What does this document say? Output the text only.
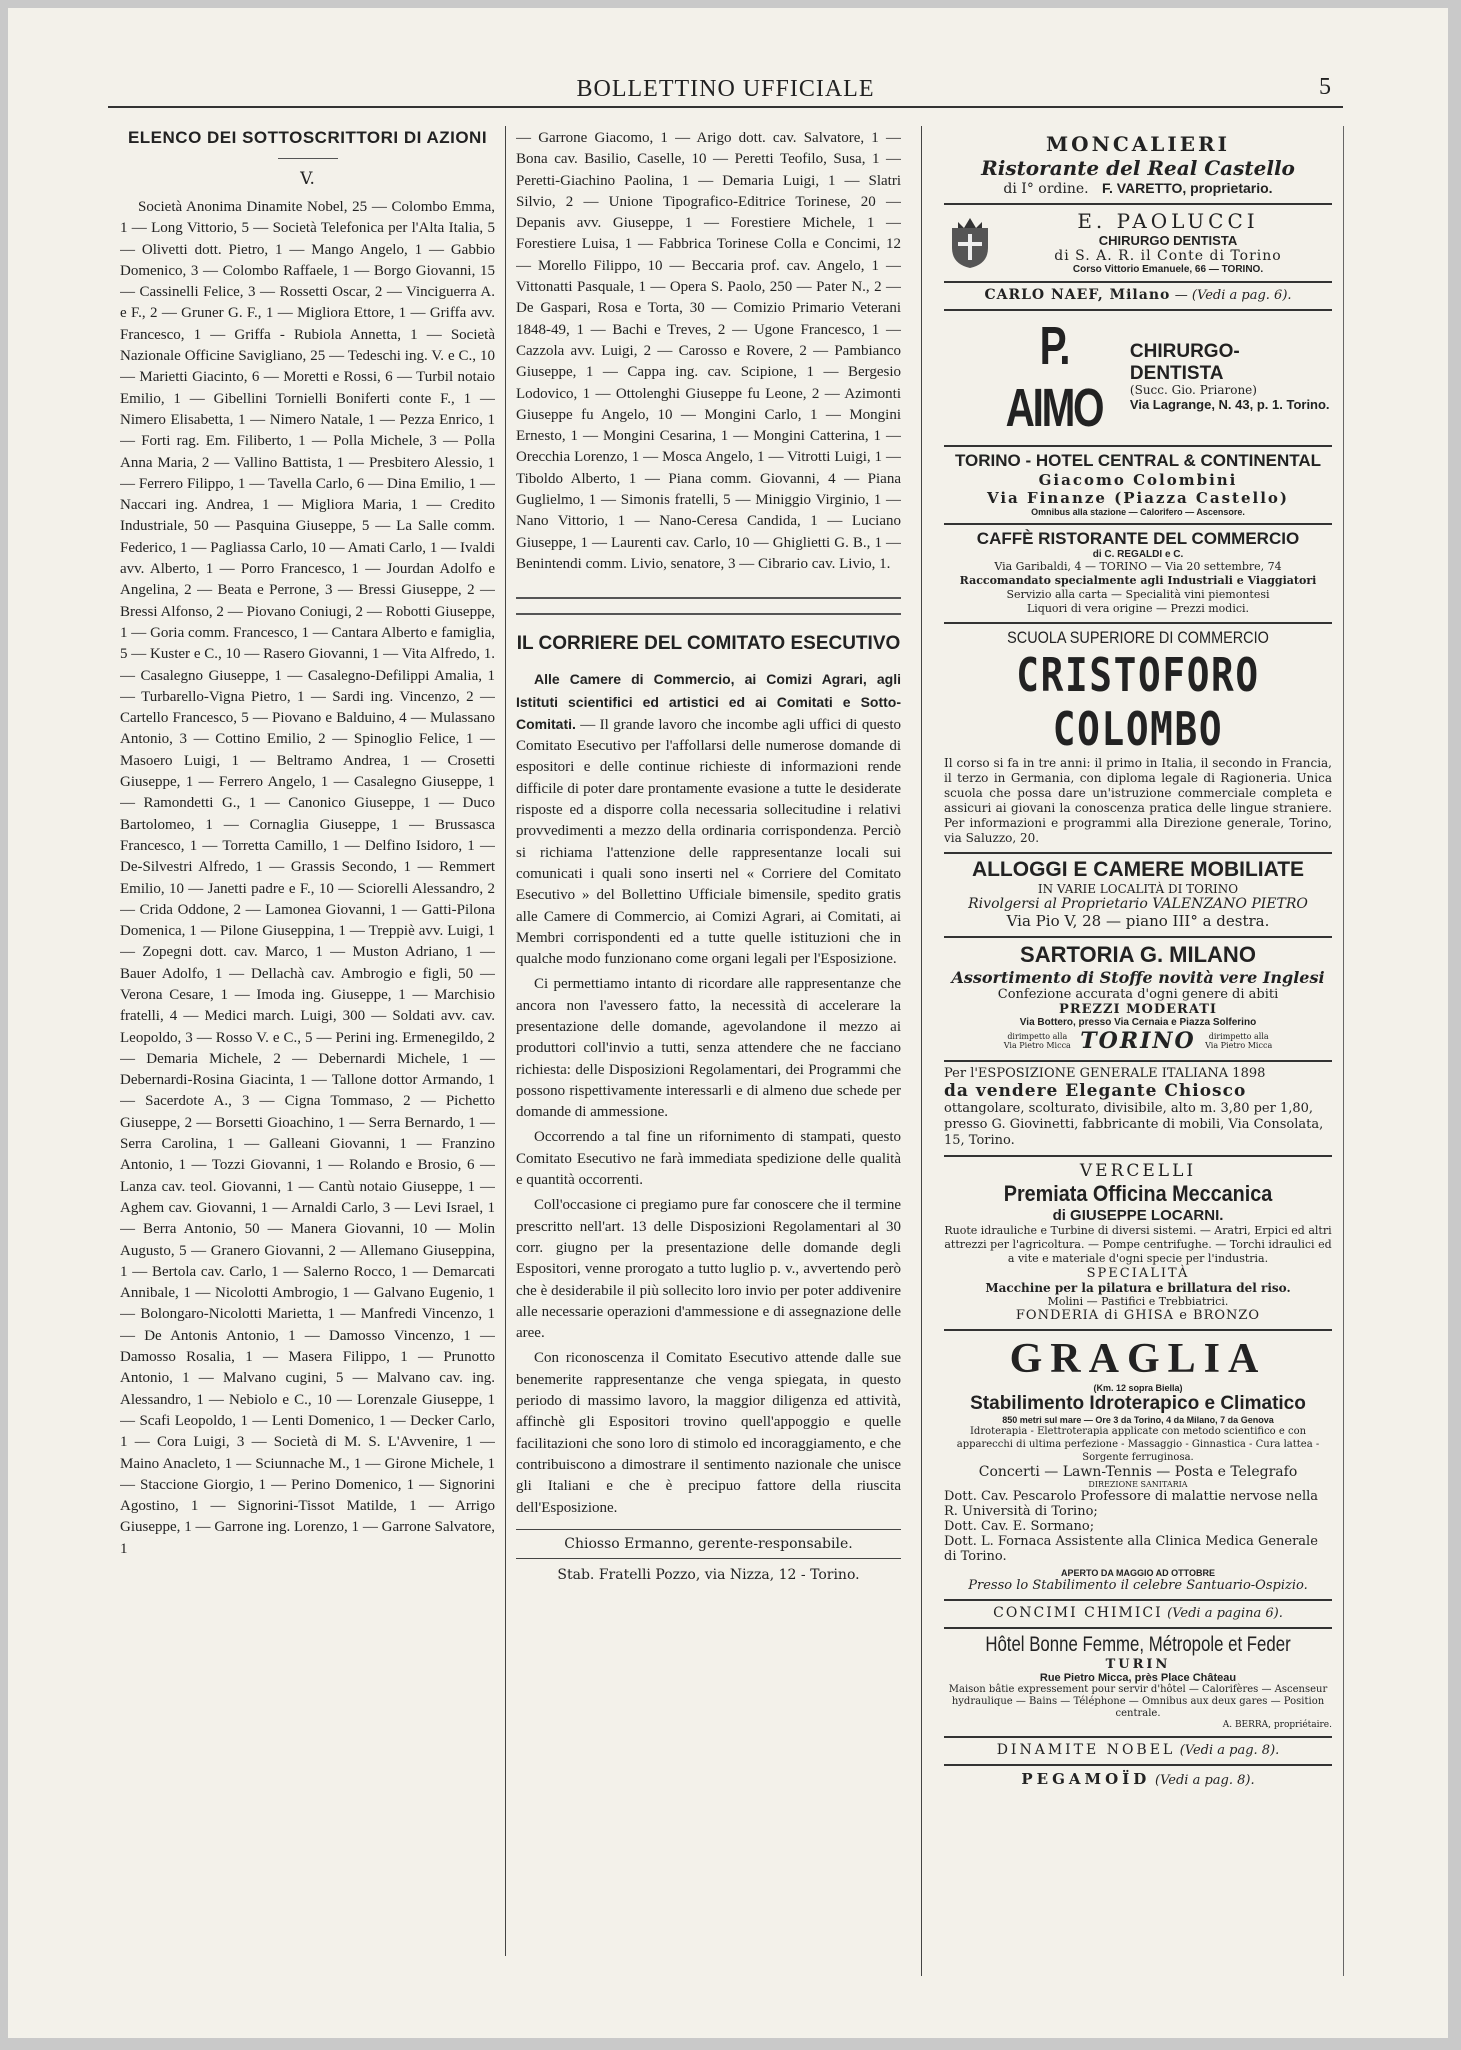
BOLLETTINO UFFICIALE	5
ELENCO DEI SOTTOSCRITTORI DI AZIONI
V.
Società Anonima Dinamite Nobel, 25 — Colombo Emma, 1 — Long Vittorio, 5 — Società Telefonica per l'Alta Italia, 5 — Olivetti dott. Pietro, 1 — Mango Angelo, 1 — Gabbio Domenico, 3 — Colombo Raffaele, 1 — Borgo Giovanni, 15 — Cassinelli Felice, 3 — Rossetti Oscar, 2 — Vinciguerra A. e F., 2 — Gruner G. F., 1 — Migliora Ettore, 1 — Griffa avv. Francesco, 1 — Griffa - Rubiola Annetta, 1 — Società Nazionale Officine Savigliano, 25 — Tedeschi ing. V. e C., 10 — Marietti Giacinto, 6 — Moretti e Rossi, 6 — Turbil notaio Emilio, 1 — Gibellini Tornielli Boniferti conte F., 1 — Nimero Elisabetta, 1 — Nimero Natale, 1 — Pezza Enrico, 1 — Forti rag. Em. Filiberto, 1 — Polla Michele, 3 — Polla Anna Maria, 2 — Vallino Battista, 1 — Presbitero Alessio, 1 — Ferrero Filippo, 1 — Tavella Carlo, 6 — Dina Emilio, 1 — Naccari ing. Andrea, 1 — Migliora Maria, 1 — Credito Industriale, 50 — Pasquina Giuseppe, 5 — La Salle comm. Federico, 1 — Pagliassa Carlo, 10 — Amati Carlo, 1 — Ivaldi avv. Alberto, 1 — Porro Francesco, 1 — Jourdan Adolfo e Angelina, 2 — Beata e Perrone, 3 — Bressi Giuseppe, 2 — Bressi Alfonso, 2 — Piovano Coniugi, 2 — Robotti Giuseppe, 1 — Goria comm. Francesco, 1 — Cantara Alberto e famiglia, 5 — Kuster e C., 10 — Rasero Giovanni, 1 — Vita Alfredo, 1. — Casalegno Giuseppe, 1 — Casalegno-Defilippi Amalia, 1 — Turbarello-Vigna Pietro, 1 — Sardi ing. Vincenzo, 2 — Cartello Francesco, 5 — Piovano e Balduino, 4 — Mulassano Antonio, 3 — Cottino Emilio, 2 — Spinoglio Felice, 1 — Masoero Luigi, 1 — Beltramo Andrea, 1 — Crosetti Giuseppe, 1 — Ferrero Angelo, 1 — Casalegno Giuseppe, 1 — Ramondetti G., 1 — Canonico Giuseppe, 1 — Duco Bartolomeo, 1 — Cornaglia Giuseppe, 1 — Brussasca Francesco, 1 — Torretta Camillo, 1 — Delfino Isidoro, 1 — De-Silvestri Alfredo, 1 — Grassis Secondo, 1 — Remmert Emilio, 10 — Janetti padre e F., 10 — Sciorelli Alessandro, 2 — Crida Oddone, 2 — Lamonea Giovanni, 1 — Gatti-Pilona Domenica, 1 — Pilone Giuseppina, 1 — Treppiè avv. Luigi, 1 — Zopegni dott. cav. Marco, 1 — Muston Adriano, 1 — Bauer Adolfo, 1 — Dellachà cav. Ambrogio e figli, 50 — Verona Cesare, 1 — Imoda ing. Giuseppe, 1 — Marchisio fratelli, 4 — Medici march. Luigi, 300 — Soldati avv. cav. Leopoldo, 3 — Rosso V. e C., 5 — Perini ing. Ermenegildo, 2 — Demaria Michele, 2 — Debernardi Michele, 1 — Debernardi-Rosina Giacinta, 1 — Tallone dottor Armando, 1 — Sacerdote A., 3 — Cigna Tommaso, 2 — Pichetto Giuseppe, 2 — Borsetti Gioachino, 1 — Serra Bernardo, 1 — Serra Carolina, 1 — Galleani Giovanni, 1 — Franzino Antonio, 1 — Tozzi Giovanni, 1 — Rolando e Brosio, 6 — Lanza cav. teol. Giovanni, 1 — Cantù notaio Giuseppe, 1 — Aghem cav. Giovanni, 1 — Arnaldi Carlo, 3 — Levi Israel, 1 — Berra Antonio, 50 — Manera Giovanni, 10 — Molin Augusto, 5 — Granero Giovanni, 2 — Allemano Giuseppina, 1 — Bertola cav. Carlo, 1 — Salerno Rocco, 1 — Demarcati Annibale, 1 — Nicolotti Ambrogio, 1 — Galvano Eugenio, 1 — Bolongaro-Nicolotti Marietta, 1 — Manfredi Vincenzo, 1 — De Antonis Antonio, 1 — Damosso Vincenzo, 1 — Damosso Rosalia, 1 — Masera Filippo, 1 — Prunotto Antonio, 1 — Malvano cugini, 5 — Malvano cav. ing. Alessandro, 1 — Nebiolo e C., 10 — Lorenzale Giuseppe, 1 — Scafi Leopoldo, 1 — Lenti Domenico, 1 — Decker Carlo, 1 — Cora Luigi, 3 — Società di M. S. L'Avvenire, 1 — Maino Anacleto, 1 — Sciunnache M., 1 — Girone Michele, 1 — Staccione Giorgio, 1 — Perino Domenico, 1 — Signorini Agostino, 1 — Signorini-Tissot Matilde, 1 — Arrigo Giuseppe, 1 — Garrone ing. Lorenzo, 1 — Garrone Salvatore, 1
— Garrone Giacomo, 1 — Arigo dott. cav. Salvatore, 1 — Bona cav. Basilio, Caselle, 10 — Peretti Teofilo, Susa, 1 — Peretti-Giachino Paolina, 1 — Demaria Luigi, 1 — Slatri Silvio, 2 — Unione Tipografico-Editrice Torinese, 20 — Depanis avv. Giuseppe, 1 — Forestiere Michele, 1 — Forestiere Luisa, 1 — Fabbrica Torinese Colla e Concimi, 12 — Morello Filippo, 10 — Beccaria prof. cav. Angelo, 1 — Vittonatti Pasquale, 1 — Opera S. Paolo, 250 — Pater N., 2 — De Gaspari, Rosa e Torta, 30 — Comizio Primario Veterani 1848-49, 1 — Bachi e Treves, 2 — Ugone Francesco, 1 — Cazzola avv. Luigi, 2 — Carosso e Rovere, 2 — Pambianco Giuseppe, 1 — Cappa ing. cav. Scipione, 1 — Bergesio Lodovico, 1 — Ottolenghi Giuseppe fu Leone, 2 — Azimonti Giuseppe fu Angelo, 10 — Mongini Carlo, 1 — Mongini Ernesto, 1 — Mongini Cesarina, 1 — Mongini Catterina, 1 — Orecchia Lorenzo, 1 — Mosca Angelo, 1 — Vitrotti Luigi, 1 — Tiboldo Alberto, 1 — Piana comm. Giovanni, 4 — Piana Guglielmo, 1 — Simonis fratelli, 5 — Miniggio Virginio, 1 — Nano Vittorio, 1 — Nano-Ceresa Candida, 1 — Luciano Giuseppe, 1 — Laurenti cav. Carlo, 10 — Ghiglietti G. B., 1 — Benintendi comm. Livio, senatore, 3 — Cibrario cav. Livio, 1.
IL CORRIERE DEL COMITATO ESECUTIVO

Alle Camere di Commercio, ai Comizi Agrari, agli Istituti scientifici ed artistici ed ai Comitati e Sotto-Comitati. — Il grande lavoro che incombe agli uffici di questo Comitato Esecutivo per l'affollarsi delle numerose domande di espositori e delle continue richieste di informazioni rende difficile di poter dare prontamente evasione a tutte le desiderate risposte ed a disporre colla necessaria sollecitudine i relativi provvedimenti a mezzo della ordinaria corrispondenza. Perciò si richiama l'attenzione delle rappresentanze locali sui comunicati i quali sono inserti nel « Corriere del Comitato Esecutivo » del Bollettino Ufficiale bimensile, spedito gratis alle Camere di Commercio, ai Comizi Agrari, ai Comitati, ai Membri corrispondenti ed a tutte quelle istituzioni che in qualche modo funzionano come organi legali per l'Esposizione.

Ci permettiamo intanto di ricordare alle rappresentanze che ancora non l'avessero fatto, la necessità di accelerare la presentazione delle domande, agevolandone il mezzo ai produttori coll'invio a tutti, senza attendere che ne facciano richiesta: delle Disposizioni Regolamentari, dei Programmi che possono rispettivamente interessarli e di almeno due schede per domande di ammessione.

Occorrendo a tal fine un rifornimento di stampati, questo Comitato Esecutivo ne farà immediata spedizione delle qualità e quantità occorrenti.

Coll'occasione ci pregiamo pure far conoscere che il termine prescritto nell'art. 13 delle Disposizioni Regolamentari al 30 corr. giugno per la presentazione delle domande degli Espositori, venne prorogato a tutto luglio p. v., avvertendo però che è desiderabile il più sollecito loro invio per poter addivenire alle necessarie operazioni d'ammessione e di assegnazione delle aree.

Con riconoscenza il Comitato Esecutivo attende dalle sue benemerite rappresentanze che venga spiegata, in questo periodo di massimo lavoro, la maggior diligenza ed attività, affinchè gli Espositori trovino quell'appoggio e quelle facilitazioni che sono loro di stimolo ed incoraggiamento, e che contribuiscono a dimostrare il sentimento nazionale che unisce gli Italiani e che è precipuo fattore della riuscita dell'Esposizione.

Chiosso Ermanno, gerente-responsabile.
Stab. Fratelli Pozzo, via Nizza, 12 - Torino.
MONCALIERI
Ristorante del Real Castello
di I° ordine. F. VARETTO, proprietario.
E. PAOLUCCI
CHIRURGO DENTISTA
di S. A. R. il Conte di Torino
Corso Vittorio Emanuele, 66 — TORINO.
CARLO NAEF, Milano — (Vedi a pag. 6).
P. AIMO
CHIRURGO-DENTISTA
(Succ. Gio. Priarone)
Via Lagrange, N. 43, p. 1. Torino.
TORINO - HOTEL CENTRAL & CONTINENTAL
Giacomo Colombini
Via Finanze (Piazza Castello)
Omnibus alla stazione — Calorifero — Ascensore.
CAFFÈ RISTORANTE DEL COMMERCIO
di C. REGALDI e C.
Via Garibaldi, 4 — TORINO — Via 20 settembre, 74
Raccomandato specialmente agli Industriali e Viaggiatori
Servizio alla carta — Specialità vini piemontesi
Liquori di vera origine — Prezzi modici.
SCUOLA SUPERIORE DI COMMERCIO
CRISTOFORO COLOMBO
Il corso si fa in tre anni: il primo in Italia, il secondo in Francia, il terzo in Germania, con diploma legale di Ragioneria. Unica scuola che possa dare un'istruzione commerciale completa e assicuri ai giovani la conoscenza pratica delle lingue straniere. Per informazioni e programmi alla Direzione generale, Torino, via Saluzzo, 20.
ALLOGGI E CAMERE MOBILIATE
IN VARIE LOCALITÀ DI TORINO
Rivolgersi al Proprietario VALENZANO PIETRO
Via Pio V, 28 — piano III° a destra.
SARTORIA G. MILANO
Assortimento di Stoffe novità vere Inglesi
Confezione accurata d'ogni genere di abiti
PREZZI MODERATI
Via Bottero, presso Via Cernaia e Piazza Solferino
dirimpetto alla Via Pietro Micca TORINO	dirimpetto alla Via Pietro Micca
Per l'ESPOSIZIONE GENERALE ITALIANA 1898
da vendere Elegante Chiosco
ottangolare, scolturato, divisibile, alto m. 3,80 per 1,80, presso G. Giovinetti, fabbricante di mobili, Via Consolata, 15, Torino.
VERCELLI
Premiata Officina Meccanica
di GIUSEPPE LOCARNI.
Ruote idrauliche e Turbine di diversi sistemi. — Aratri, Erpici ed altri attrezzi per l'agricoltura. — Pompe centrifughe. — Torchi idraulici ed a vite e materiale d'ogni specie per l'industria.
SPECIALITÀ
Macchine per la pilatura e brillatura del riso.
Molini — Pastifici e Trebbiatrici.
FONDERIA di GHISA e BRONZO
GRAGLIA
(Km. 12 sopra Biella)
Stabilimento Idroterapico e Climatico
850 metri sul mare — Ore 3 da Torino, 4 da Milano, 7 da Genova
Idroterapia - Elettroterapia applicate con metodo scientifico e con apparecchi di ultima perfezione - Massaggio - Ginnastica - Cura lattea - Sorgente ferruginosa.
Concerti — Lawn-Tennis — Posta e Telegrafo
DIREZIONE SANITARIA
Dott. Cav. Pescarolo Professore di malattie nervose nella R. Università di Torino;
Dott. Cav. E. Sormano;
Dott. L. Fornaca Assistente alla Clinica Medica Generale di Torino.
APERTO DA MAGGIO AD OTTOBRE
Presso lo Stabilimento il celebre Santuario-Ospizio.
CONCIMI CHIMICI (Vedi a pagina 6).
Hôtel Bonne Femme, Métropole et Feder
TURIN
Rue Pietro Micca, près Place Château
Maison bâtie expressement pour servir d'hôtel — Calorifères — Ascenseur hydraulique — Bains — Téléphone — Omnibus aux deux gares — Position centrale.
A. BERRA, propriétaire.
DINAMITE NOBEL (Vedi a pag. 8).
PEGAMOÏD (Vedi a pag. 8).
